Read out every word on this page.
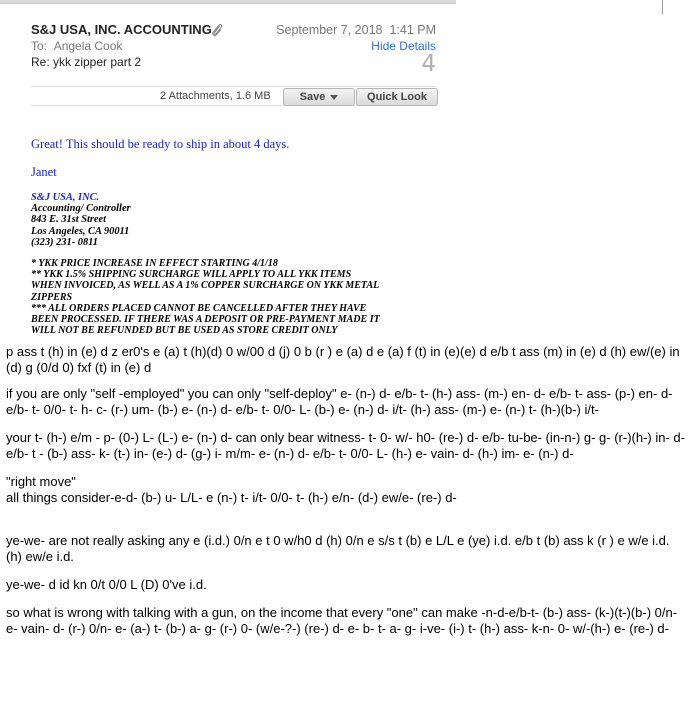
S&J USA, INC. ACCOUNTING	September 7, 2018 1:41 PM
To: Angela Cook	Hide Details
Re: ykk zipper part 2	4
2 Attachments, 1.6 MB	Save	Quick Look
Great! This should be ready to ship in about 4 days.
Janet
S&J USA, INC.
Accounting/ Controller
843 E. 31st Street
Los Angeles, CA 90011
(323) 231- 0811
* YKK PRICE INCREASE IN EFFECT STARTING 4/1/18
** YKK 1.5% SHIPPING SURCHARGE WILL APPLY TO ALL YKK ITEMS
WHEN INVOICED, AS WELL AS A 1% COPPER SURCHARGE ON YKK METAL
ZIPPERS
*** ALL ORDERS PLACED CANNOT BE CANCELLED AFTER THEY HAVE
BEEN PROCESSED. IF THERE WAS A DEPOSIT OR PRE-PAYMENT MADE IT
WILL NOT BE REFUNDED BUT BE USED AS STORE CREDIT ONLY

p ass t (h) in (e) d z er0's e (a) t (h)(d) 0 w/00 d (j) 0 b (r ) e (a) d e (a) f (t) in (e)(e) d e/b t ass (m) in (e) d (h) ew/(e) in (d) g (0/d 0) fxf (t) in (e) d

if you are only "self -employed" you can only "self-deploy" e- (n-) d- e/b- t- (h-) ass- (m-) en- d- e/b- t- ass- (p-) en- d- e/b- t- 0/0- t- h- c- (r-) um- (b-) e- (n-) d- e/b- t- 0/0- L- (b-) e- (n-) d- i/t- (h-) ass- (m-) e- (n-) t- (h-)(b-) i/t-

your t- (h-) e/m - p- (0-) L- (L-) e- (n-) d- can only bear witness- t- 0- w/- h0- (re-) d- e/b- tu-be- (in-n-) g- g- (r-)(h-) in- d- e/b- t - (b-) ass- k- (t-) in- (e-) d- (g-) i- m/m- e- (n-) d- e/b- t- 0/0- L- (h-) e- vain- d- (h-) im- e- (n-) d-

"right move"
all things consider-e-d- (b-) u- L/L- e (n-) t- i/t- 0/0- t- (h-) e/n- (d-) ew/e- (re-) d-

ye-we- are not really asking any e (i.d.) 0/n e t 0 w/h0 d (h) 0/n e s/s t (b) e L/L e (ye) i.d. e/b t (b) ass k (r ) e w/e i.d. (h) ew/e i.d.

ye-we- d id kn 0/t 0/0 L (D) 0've i.d.

so what is wrong with talking with a gun, on the income that every "one" can make -n-d-e/b-t- (b-) ass- (k-)(t-)(b-) 0/n- e- vain- d- (r-) 0/n- e- (a-) t- (b-) a- g- (r-) 0- (w/e-?-) (re-) d- e- b- t- a- g- i-ve- (i-) t- (h-) ass- k-n- 0- w/-(h-) e- (re-) d-
